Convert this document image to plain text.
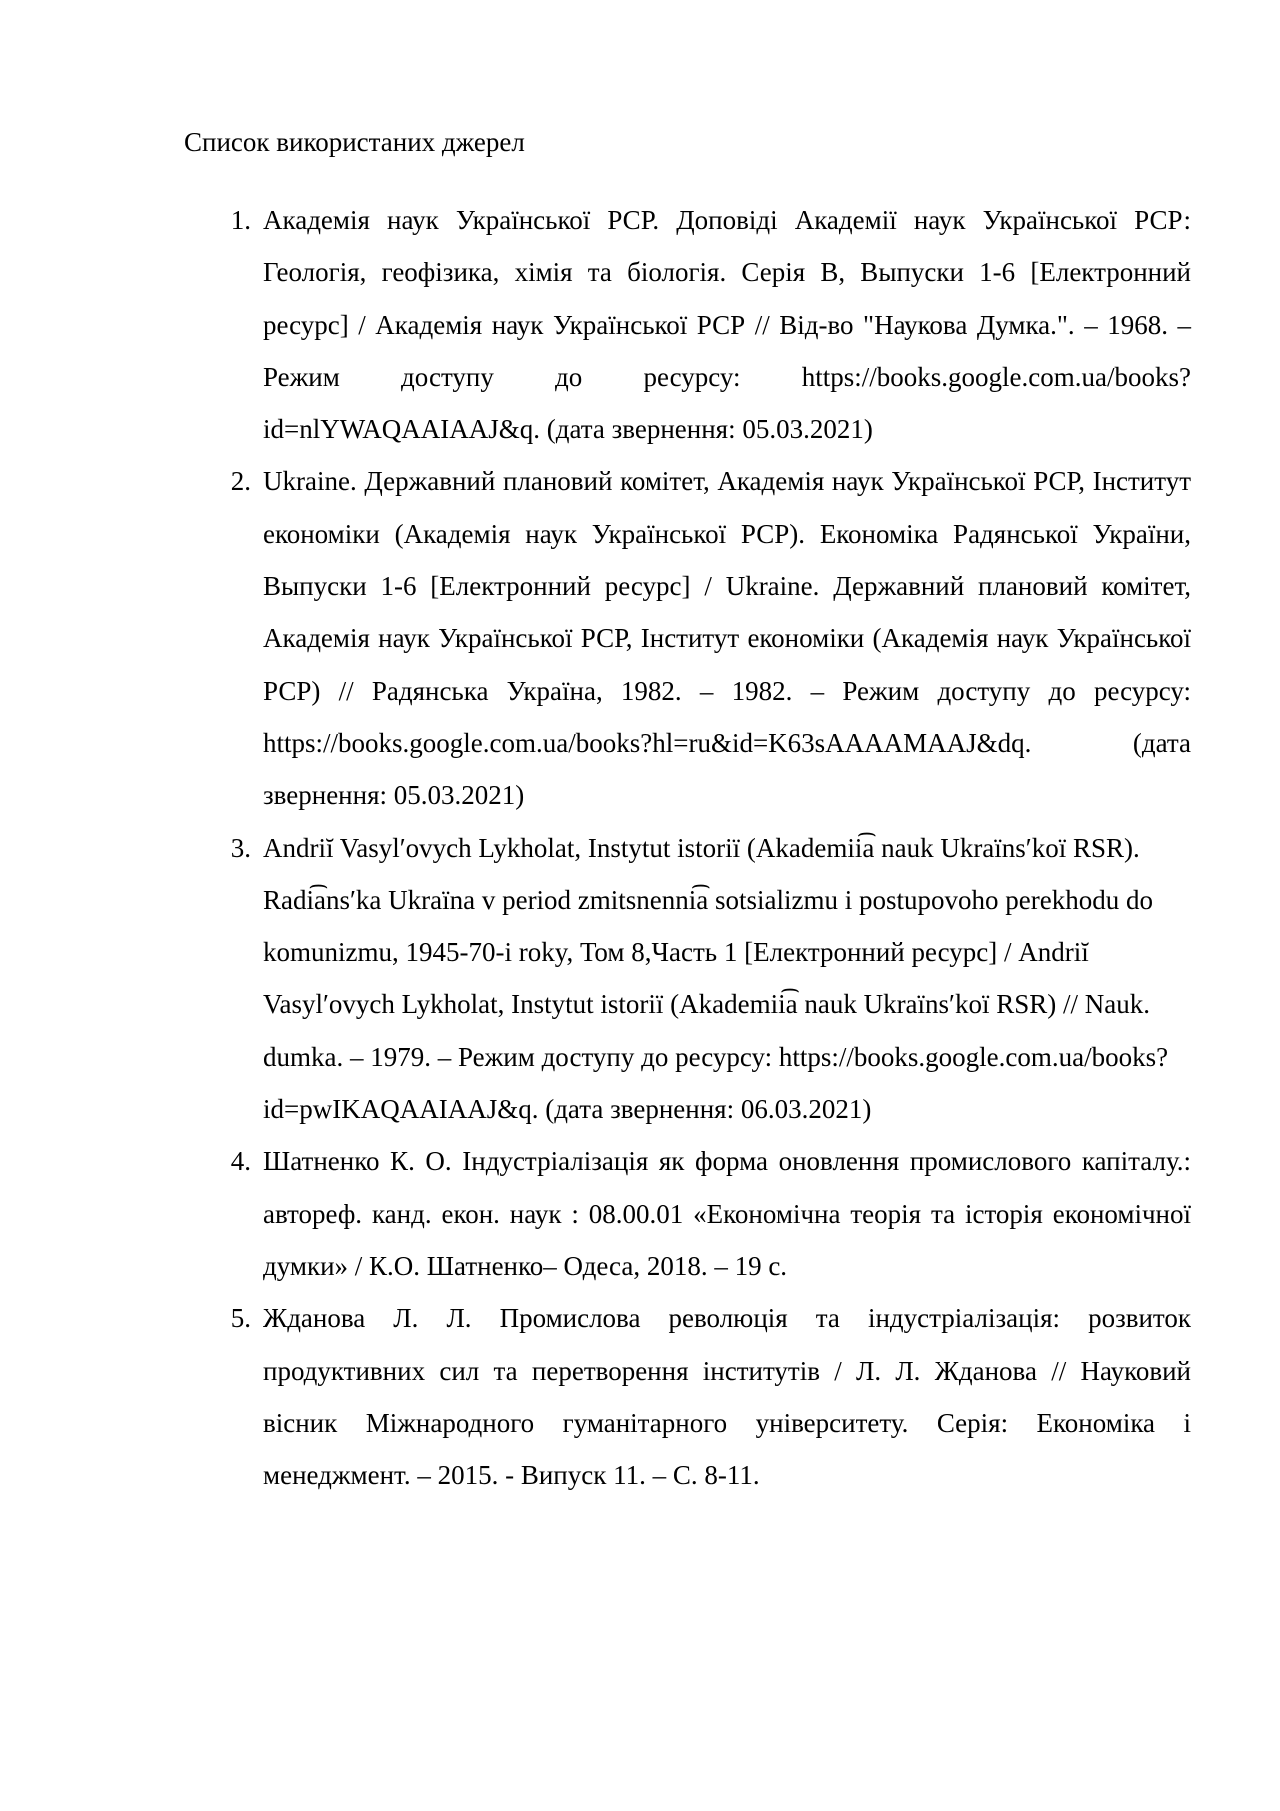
Список використаних джерел
1. Академія наук Української РСР. Доповіді Академії наук Української РСР: Геологія, геофізика, хімія та біологія. Серія B, Выпуски 1-6 [Електронний ресурс] / Академія наук Української РСР // Від-во "Наукова Думка.". – 1968. – Режим доступу до ресурсу: https://books.google.com.ua/books?id=nlYWAQAAIAAJ&q. (дата звернення: 05.03.2021)
2. Ukraine. Державний плановий комітет, Академія наук Української РСР, Інститут економіки (Академія наук Української РСР). Економіка Радянської України, Выпуски 1-6 [Електронний ресурс] / Ukraine. Державний плановий комітет, Академія наук Української РСР, Інститут економіки (Академія наук Української РСР) // Радянська Україна, 1982. – 1982. – Режим доступу до ресурсу: https://books.google.com.ua/books?hl=ru&id=K63sAAAAMAAJ&dq. (дата звернення: 05.03.2021)
3. Andriĭ Vasylʹovych Lykholat, Instytut istoriï (Akademii͡a nauk Ukraïnsʹkoï RSR). Radi͡ansʹka Ukraïna v period zmitsnenni͡a sotsializmu i postupovoho perekhodu do komunizmu, 1945-70-i roky, Том 8,Часть 1 [Електронний ресурс] / Andriĭ Vasylʹovych Lykholat, Instytut istoriï (Akademii͡a nauk Ukraïnsʹkoï RSR) // Nauk. dumka. – 1979. – Режим доступу до ресурсу: https://books.google.com.ua/books?id=pwIKAQAAIAAJ&q. (дата звернення: 06.03.2021)
4. Шатненко К. О. Індустріалізація як форма оновлення промислового капіталу.: автореф. канд. екон. наук : 08.00.01 «Економічна теорія та історія економічної думки» / К.О. Шатненко– Одеса, 2018. – 19 с.
5. Жданова Л. Л. Промислова революція та індустріалізація: розвиток продуктивних сил та перетворення інститутів / Л. Л. Жданова // Науковий вісник Міжнародного гуманітарного університету. Серія: Економіка і менеджмент. – 2015. - Випуск 11. – С. 8-11.
